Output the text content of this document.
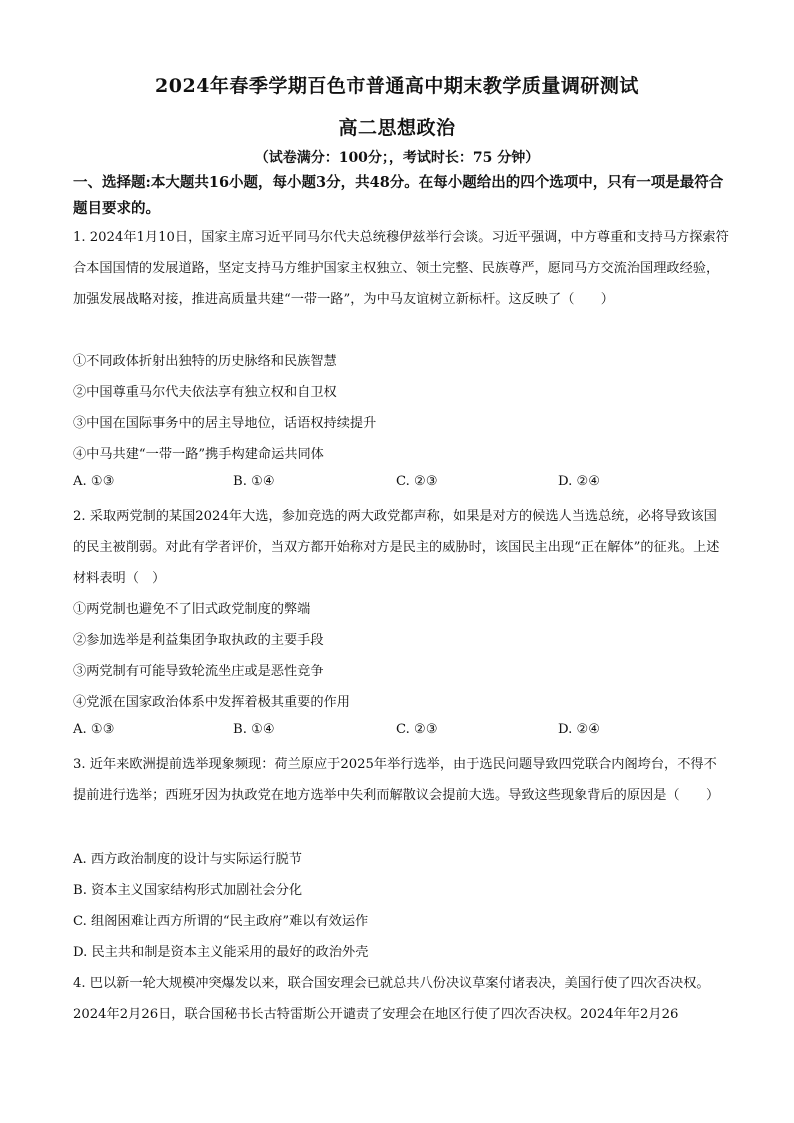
2024年春季学期百色市普通高中期末教学质量调研测试
高二思想政治
（试卷满分：100分；，考试时长：75 分钟）
一、选择题:本大题共16小题，每小题3分，共48分。在每小题给出的四个选项中，只有一项是最符合题目要求的。
1. 2024年1月10日，国家主席习近平同马尔代夫总统穆伊兹举行会谈。习近平强调，中方尊重和支持马方探索符合本国国情的发展道路，坚定支持马方维护国家主权独立、领土完整、民族尊严，愿同马方交流治国理政经验，加强发展战略对接，推进高质量共建“一带一路”，为中马友谊树立新标杆。这反映了（　　）
①不同政体折射出独特的历史脉络和民族智慧
②中国尊重马尔代夫依法享有独立权和自卫权
③中国在国际事务中的居主导地位，话语权持续提升
④中马共建“一带一路”携手构建命运共同体
A. ①③	B. ①④	C. ②③	D. ②④
2. 采取两党制的某国2024年大选，参加竞选的两大政党都声称，如果是对方的候选人当选总统，必将导致该国的民主被削弱。对此有学者评价，当双方都开始称对方是民主的威胁时，该国民主出现“正在解体”的征兆。上述材料表明（　）
①两党制也避免不了旧式政党制度的弊端
②参加选举是利益集团争取执政的主要手段
③两党制有可能导致轮流坐庄或是恶性竞争
④党派在国家政治体系中发挥着极其重要的作用
A. ①③	B. ①④	C. ②③	D. ②④
3. 近年来欧洲提前选举现象频现：荷兰原应于2025年举行选举，由于选民问题导致四党联合内阁垮台，不得不提前进行选举；西班牙因为执政党在地方选举中失利而解散议会提前大选。导致这些现象背后的原因是（　　）
A. 西方政治制度的设计与实际运行脱节
B. 资本主义国家结构形式加剧社会分化
C. 组阁困难让西方所谓的“民主政府”难以有效运作
D. 民主共和制是资本主义能采用的最好的政治外壳
4. 巴以新一轮大规模冲突爆发以来，联合国安理会已就总共八份决议草案付诸表决，美国行使了四次否决权。2024年2月26日，联合国秘书长古特雷斯公开谴责了安理会在地区行使了四次否决权。2024年年2月26
